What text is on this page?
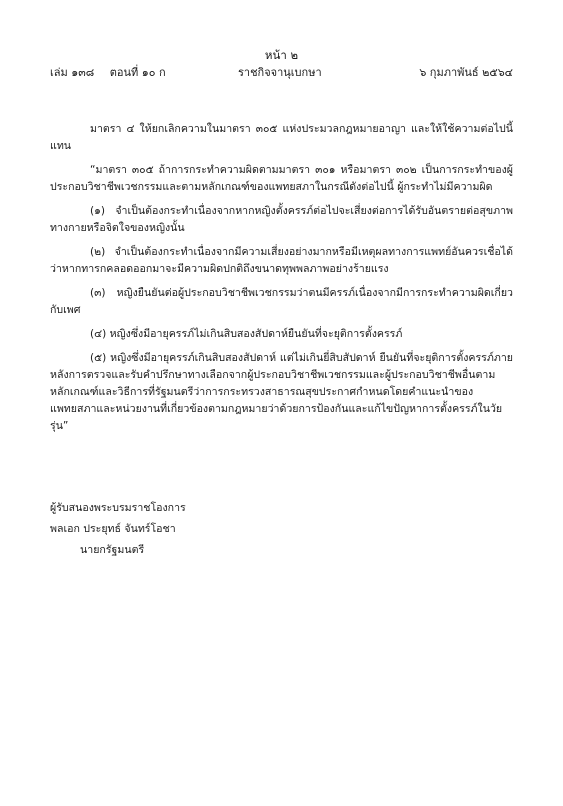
หน้า ๒
เล่ม ๑๓๘ ตอนที่ ๑๐ ก	ราชกิจจานุเบกษา	๖ กุมภาพันธ์ ๒๕๖๔

มาตรา ๔ ให้ยกเลิกความในมาตรา ๓๐๕ แห่งประมวลกฎหมายอาญา และให้ใช้ความต่อไปนี้แทน

“มาตรา ๓๐๕ ถ้าการกระทำความผิดตามมาตรา ๓๐๑ หรือมาตรา ๓๐๒ เป็นการกระทำของผู้ประกอบวิชาชีพเวชกรรมและตามหลักเกณฑ์ของแพทยสภาในกรณีดังต่อไปนี้ ผู้กระทำไม่มีความผิด

(๑) จำเป็นต้องกระทำเนื่องจากหากหญิงตั้งครรภ์ต่อไปจะเสี่ยงต่อการได้รับอันตรายต่อสุขภาพทางกายหรือจิตใจของหญิงนั้น

(๒) จำเป็นต้องกระทำเนื่องจากมีความเสี่ยงอย่างมากหรือมีเหตุผลทางการแพทย์อันควรเชื่อได้ว่าหากทารกคลอดออกมาจะมีความผิดปกติถึงขนาดทุพพลภาพอย่างร้ายแรง

(๓) หญิงยืนยันต่อผู้ประกอบวิชาชีพเวชกรรมว่าตนมีครรภ์เนื่องจากมีการกระทำความผิดเกี่ยวกับเพศ

(๔) หญิงซึ่งมีอายุครรภ์ไม่เกินสิบสองสัปดาห์ยืนยันที่จะยุติการตั้งครรภ์

(๕) หญิงซึ่งมีอายุครรภ์เกินสิบสองสัปดาห์ แต่ไม่เกินยี่สิบสัปดาห์ ยืนยันที่จะยุติการตั้งครรภ์ภายหลังการตรวจและรับคำปรึกษาทางเลือกจากผู้ประกอบวิชาชีพเวชกรรมและผู้ประกอบวิชาชีพอื่นตามหลักเกณฑ์และวิธีการที่รัฐมนตรีว่าการกระทรวงสาธารณสุขประกาศกำหนดโดยคำแนะนำของแพทยสภาและหน่วยงานที่เกี่ยวข้องตามกฎหมายว่าด้วยการป้องกันและแก้ไขปัญหาการตั้งครรภ์ในวัยรุ่น”

ผู้รับสนองพระบรมราชโองการ
พลเอก ประยุทธ์ จันทร์โอชา
นายกรัฐมนตรี
